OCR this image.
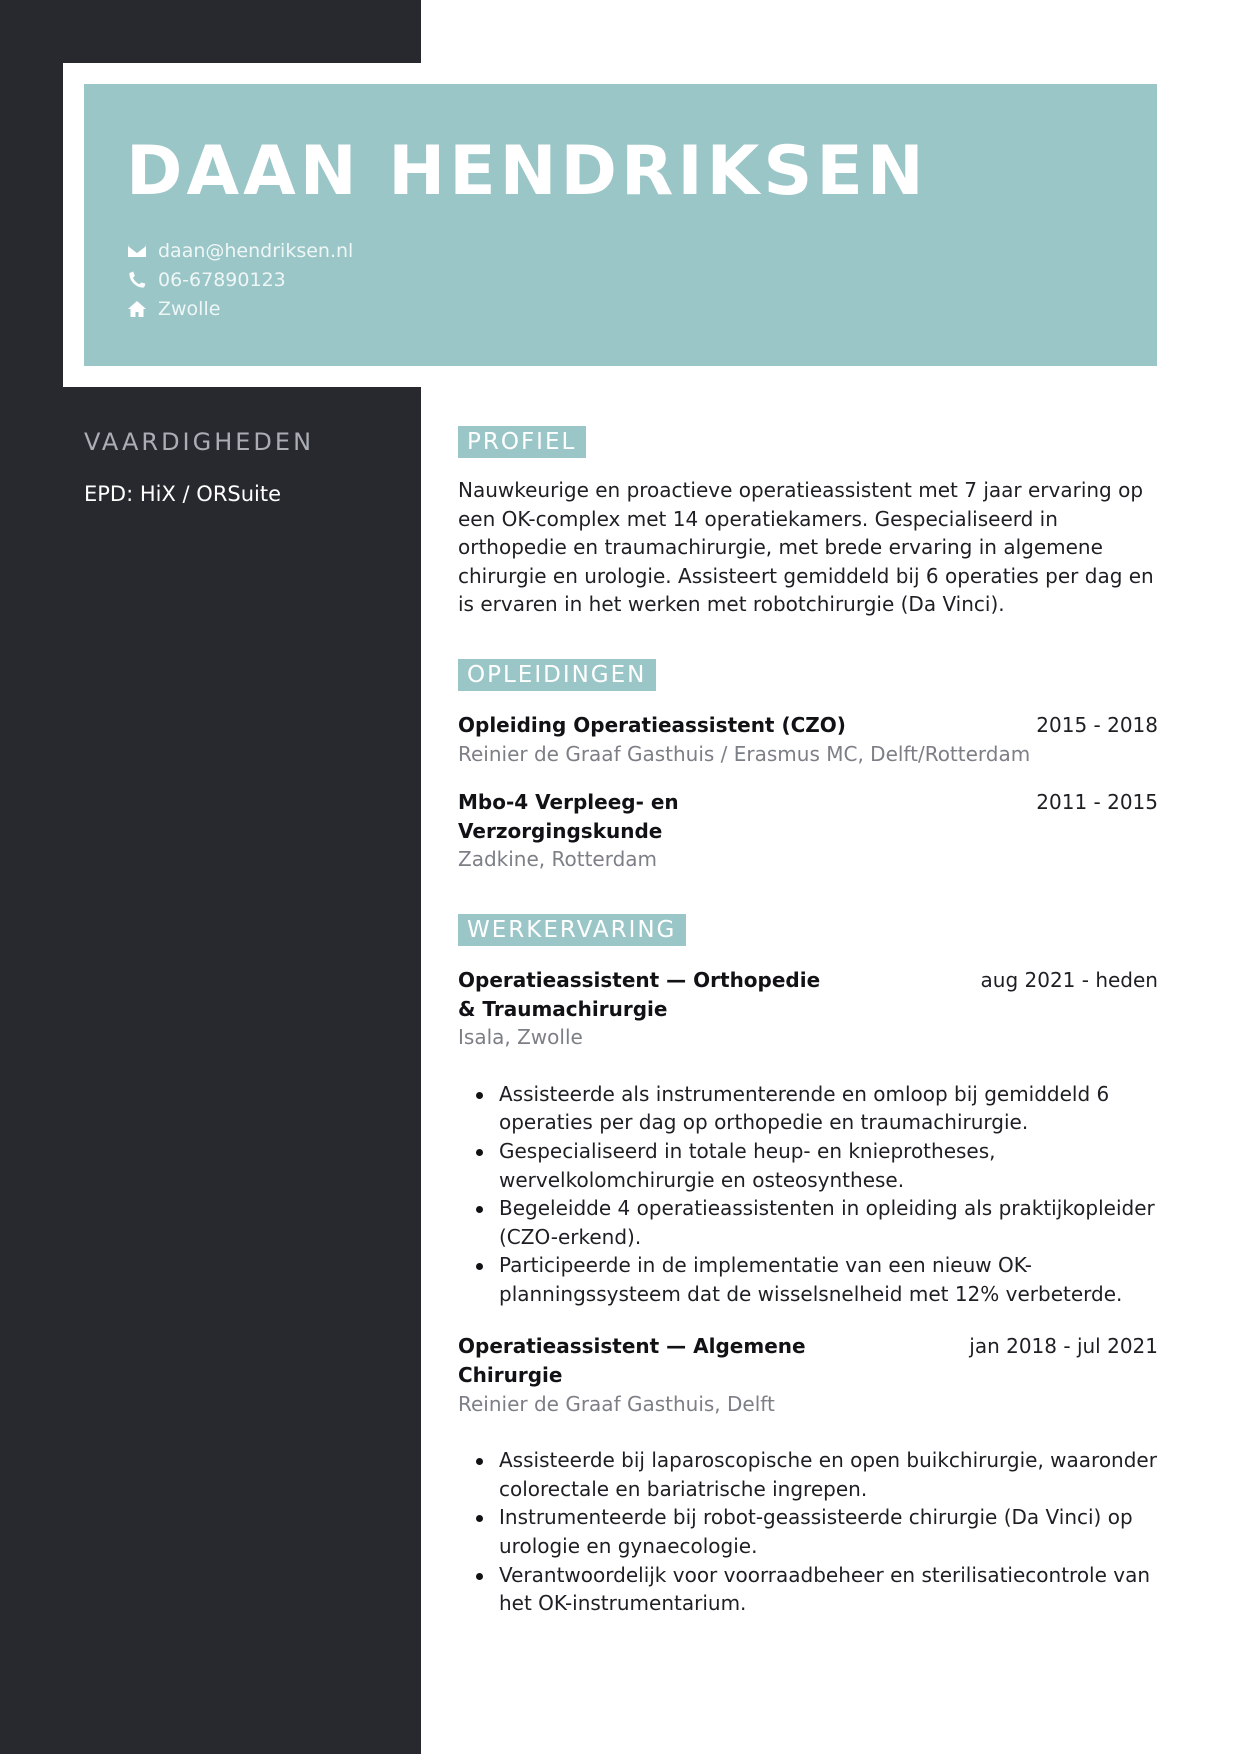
DAAN HENDRIKSEN
daan@hendriksen.nl
06-67890123
Zwolle
VAARDIGHEDEN
EPD: HiX / ORSuite
PROFIEL

Nauwkeurige en proactieve operatieassistent met 7 jaar ervaring op een OK-complex met 14 operatiekamers. Gespecialiseerd in orthopedie en traumachirurgie, met brede ervaring in algemene chirurgie en urologie. Assisteert gemiddeld bij 6 operaties per dag en is ervaren in het werken met robotchirurgie (Da Vinci).

OPLEIDINGEN
Opleiding Operatieassistent (CZO)	2015 - 2018
Reinier de Graaf Gasthuis / Erasmus MC, Delft/Rotterdam
Mbo-4 Verpleeg- en Verzorgingskunde
2011 - 2015
Zadkine, Rotterdam
WERKERVARING
Operatieassistent — Orthopedie & Traumachirurgie
aug 2021 - heden
Isala, Zwolle
Assisteerde als instrumenterende en omloop bij gemiddeld 6 operaties per dag op orthopedie en traumachirurgie.
Gespecialiseerd in totale heup- en knieprotheses, wervelkolomchirurgie en osteosynthese.
Begeleidde 4 operatieassistenten in opleiding als praktijkopleider (CZO-erkend).
Participeerde in de implementatie van een nieuw OK-planningssysteem dat de wisselsnelheid met 12% verbeterde.
Operatieassistent — Algemene Chirurgie
jan 2018 - jul 2021
Reinier de Graaf Gasthuis, Delft
Assisteerde bij laparoscopische en open buikchirurgie, waaronder colorectale en bariatrische ingrepen.
Instrumenteerde bij robot-geassisteerde chirurgie (Da Vinci) op urologie en gynaecologie.
Verantwoordelijk voor voorraadbeheer en sterilisatiecontrole van het OK-instrumentarium.
